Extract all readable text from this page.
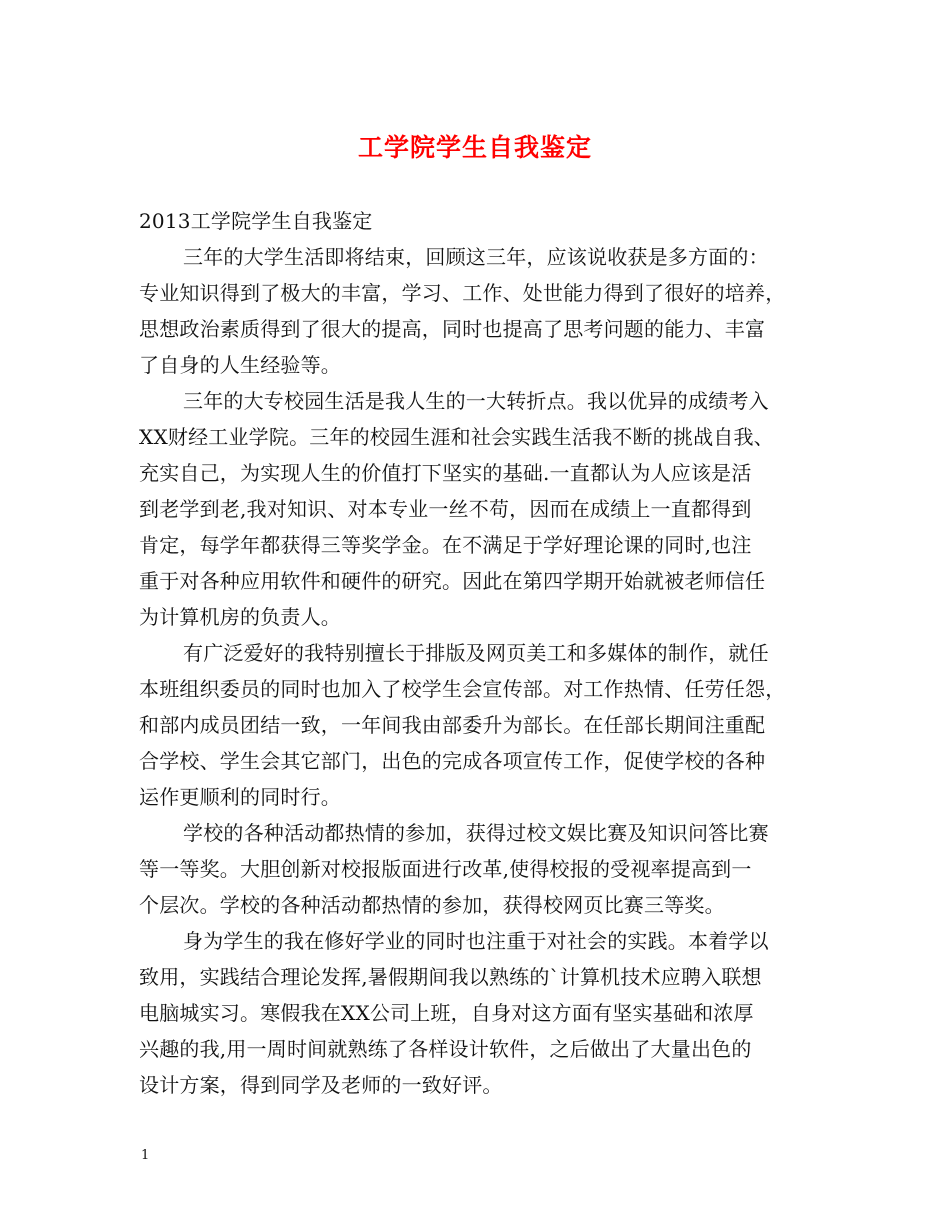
工学院学生自我鉴定
2013工学院学生自我鉴定
三年的大学生活即将结束，回顾这三年，应该说收获是多方面的：
专业知识得到了极大的丰富，学习、工作、处世能力得到了很好的培养，
思想政治素质得到了很大的提高，同时也提高了思考问题的能力、丰富
了自身的人生经验等。
三年的大专校园生活是我人生的一大转折点。我以优异的成绩考入
XX财经工业学院。三年的校园生涯和社会实践生活我不断的挑战自我、
充实自己，为实现人生的价值打下坚实的基础.一直都认为人应该是活
到老学到老,我对知识、对本专业一丝不苟，因而在成绩上一直都得到
肯定，每学年都获得三等奖学金。在不满足于学好理论课的同时,也注
重于对各种应用软件和硬件的研究。因此在第四学期开始就被老师信任
为计算机房的负责人。
有广泛爱好的我特别擅长于排版及网页美工和多媒体的制作，就任
本班组织委员的同时也加入了校学生会宣传部。对工作热情、任劳任怨，
和部内成员团结一致，一年间我由部委升为部长。在任部长期间注重配
合学校、学生会其它部门，出色的完成各项宣传工作，促使学校的各种
运作更顺利的同时行。
学校的各种活动都热情的参加，获得过校文娱比赛及知识问答比赛
等一等奖。大胆创新对校报版面进行改革,使得校报的受视率提高到一
个层次。学校的各种活动都热情的参加，获得校网页比赛三等奖。
身为学生的我在修好学业的同时也注重于对社会的实践。本着学以
致用，实践结合理论发挥,暑假期间我以熟练的`计算机技术应聘入联想
电脑城实习。寒假我在XX公司上班，自身对这方面有坚实基础和浓厚
兴趣的我,用一周时间就熟练了各样设计软件，之后做出了大量出色的
设计方案，得到同学及老师的一致好评。
1
